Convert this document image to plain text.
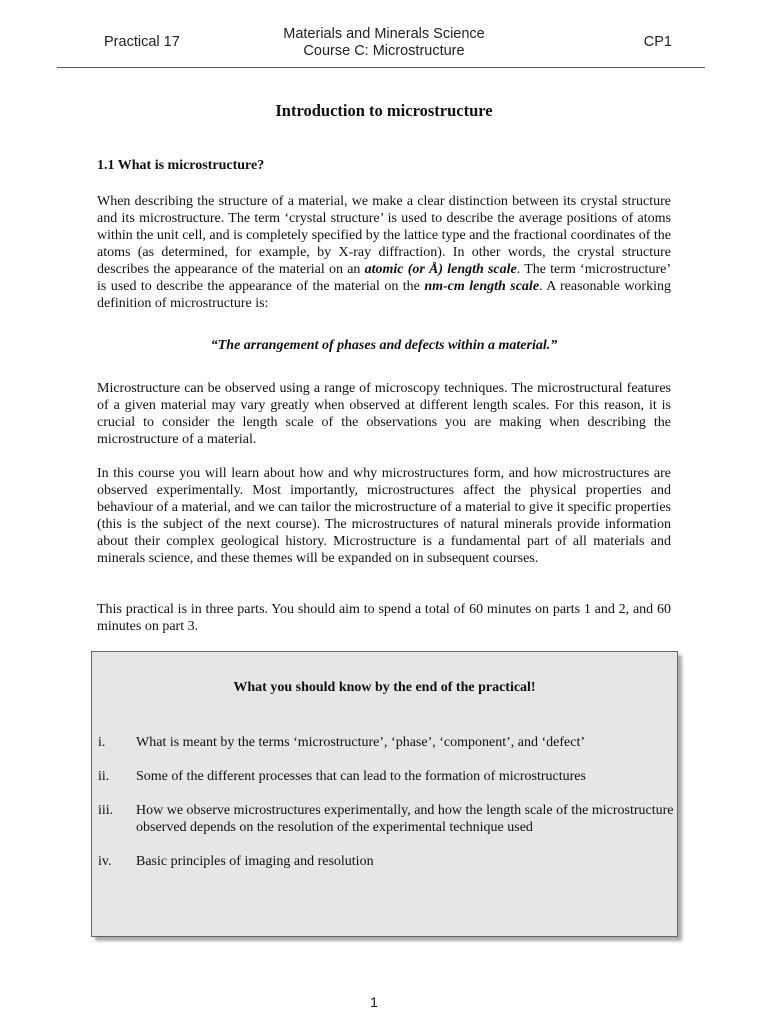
Practical 17	Materials and Minerals Science
Course C: Microstructure
CP1
Introduction to microstructure
1.1 What is microstructure?

When describing the structure of a material, we make a clear distinction between its crystal structure and its microstructure. The term ‘crystal structure’ is used to describe the average positions of atoms within the unit cell, and is completely specified by the lattice type and the fractional coordinates of the atoms (as determined, for example, by X-ray diffraction). In other words, the crystal structure describes the appearance of the material on an atomic (or Å) length scale. The term ‘microstructure’ is used to describe the appearance of the material on the nm-cm length scale. A reasonable working definition of microstructure is:

“The arrangement of phases and defects within a material.”

Microstructure can be observed using a range of microscopy techniques. The microstructural features of a given material may vary greatly when observed at different length scales. For this reason, it is crucial to consider the length scale of the observations you are making when describing the microstructure of a material.

In this course you will learn about how and why microstructures form, and how microstructures are observed experimentally. Most importantly, microstructures affect the physical properties and behaviour of a material, and we can tailor the microstructure of a material to give it specific properties (this is the subject of the next course). The microstructures of natural minerals provide information about their complex geological history. Microstructure is a fundamental part of all materials and minerals science, and these themes will be expanded on in subsequent courses.

This practical is in three parts. You should aim to spend a total of 60 minutes on parts 1 and 2, and 60 minutes on part 3.

What you should know by the end of the practical!
i. What is meant by the terms ‘microstructure’, ‘phase’, ‘component’, and ‘defect’
ii. Some of the different processes that can lead to the formation of microstructures
iii. How we observe microstructures experimentally, and how the length scale of the microstructure observed depends on the resolution of the experimental technique used
iv. Basic principles of imaging and resolution
1
